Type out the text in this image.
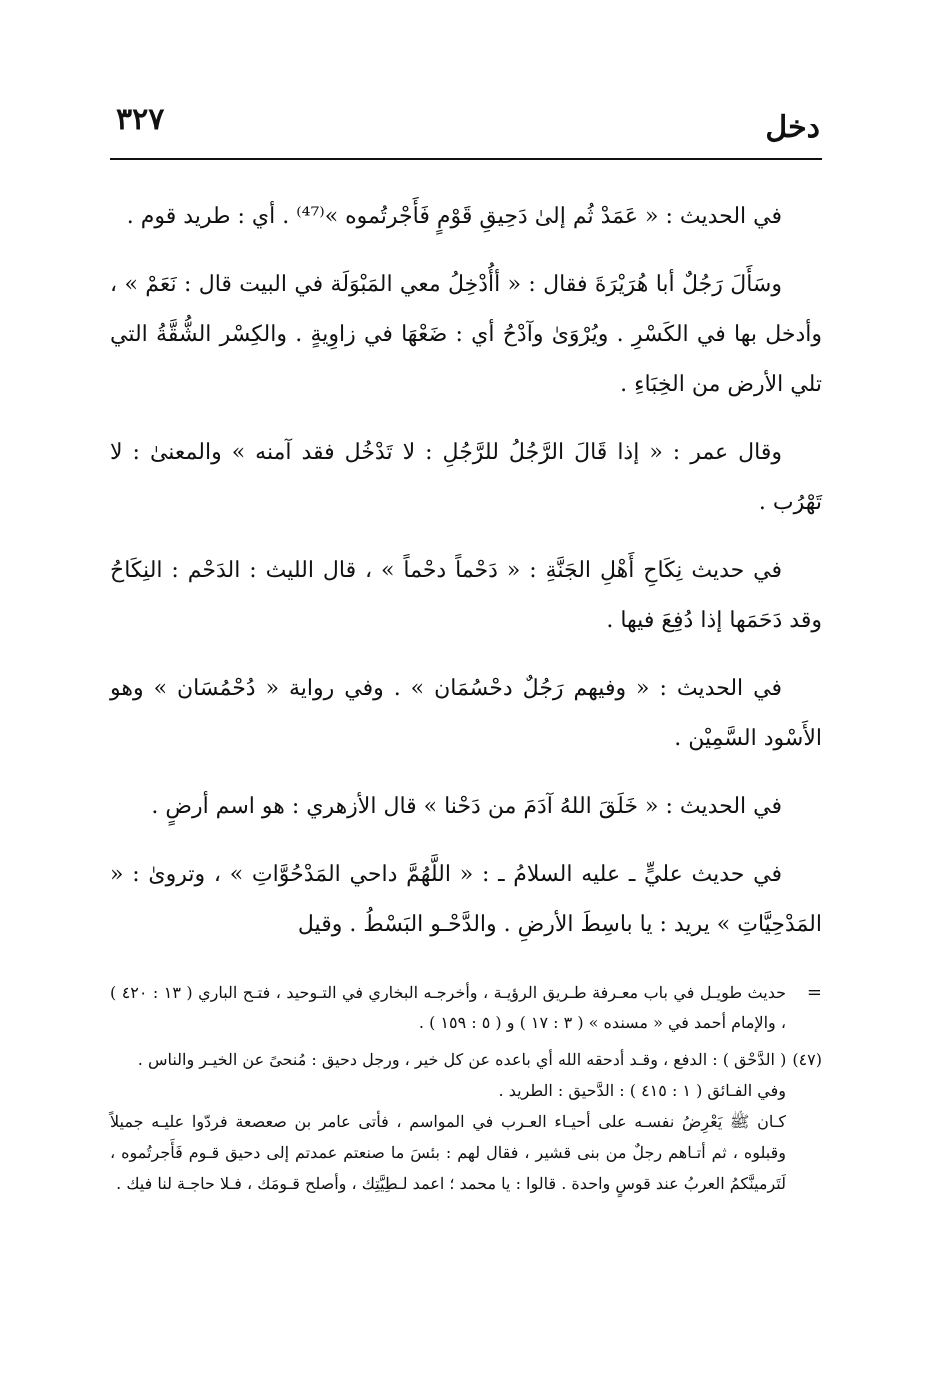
دخل
٣٢٧

في الحديث : « عَمَدْ ثُم إلىٰ دَحِيقِ قَوْمٍ فَأَجْرتُموه »⁽⁴⁷⁾ . أي : طريد قوم .

وسَأَلَ رَجُلٌ أبا هُرَيْرَةَ فقال : « أأُدْخِلُ معي المَبْوَلَة في البيت قال : نَعَمْ » ، وأدخل بها في الكَسْرِ . ويُرْوَىٰ وآدْحُ أي : ضَعْهَا في زاوِيةٍ . والكِسْر الشُّقَّةُ التي تلي الأرض من الخِبَاءِ .

وقال عمر : « إذا قَالَ الرَّجُلُ للرَّجُلِ : لا تَدْخُل فقد آمنه » والمعنىٰ : لا تَهْرُب .

في حديث نِكَاحِ أَهْلِ الجَنَّةِ : « دَحْماً دحْماً » ، قال الليث : الدَحْم : النِكَاحُ وقد دَحَمَها إذا دُفِعَ فيها .

في الحديث : « وفيهم رَجُلٌ دحْسُمَان » . وفي رواية « دُحْمُسَان » وهو الأَسْود السَّمِيْن .

في الحديث : « خَلَقَ اللهُ آدَمَ من دَحْنا » قال الأزهري : هو اسم أرضٍ .

في حديث عليٍّ ـ عليه السلامُ ـ : « اللَّهُمَّ داحي المَدْحُوَّاتِ » ، وتروىٰ : « المَدْحِيَّاتِ » يريد : يا باسِطَ الأرضِ . والدَّحْـو البَسْطُ . وقيل

=
حديث طويـل في باب معـرفة طـريق الرؤيـة ، وأخرجـه البخاري في التـوحيد ، فتـح الباري ( ١٣ : ٤٢٠ ) ، والإمام أحمد في « مسنده » ( ٣ : ١٧ ) و ( ٥ : ١٥٩ ) .

(٤٧)( الدَّحْق ) : الدفع ، وقـد أدحقه الله أي باعده عن كل خير ، ورجل دحيق : مُنحىً عن الخيـر والناس .

وفي الفـائق ( ١ : ٤١٥ ) : الدَّحيق : الطريد .

كـان ﷺ يَعْرِضُ نفسـه على أحيـاء العـرب في المواسم ، فأتى عامر بن صعصعة فردّوا عليـه جميلاً وقبلوه ، ثم أتـاهم رجلٌ من بنى قشير ، فقال لهم : بئسَ ما صنعتم عمدتم إلى دحيق قـوم فَأَجرتُموه ، لَتَرمينَّكمُ العربُ عند قوسٍ واحدة . قالوا : يا محمد ؛ اعمد لـطِيَّتِك ، وأصلح قـومَك ، فـلا حاجـة لنا فيك .
